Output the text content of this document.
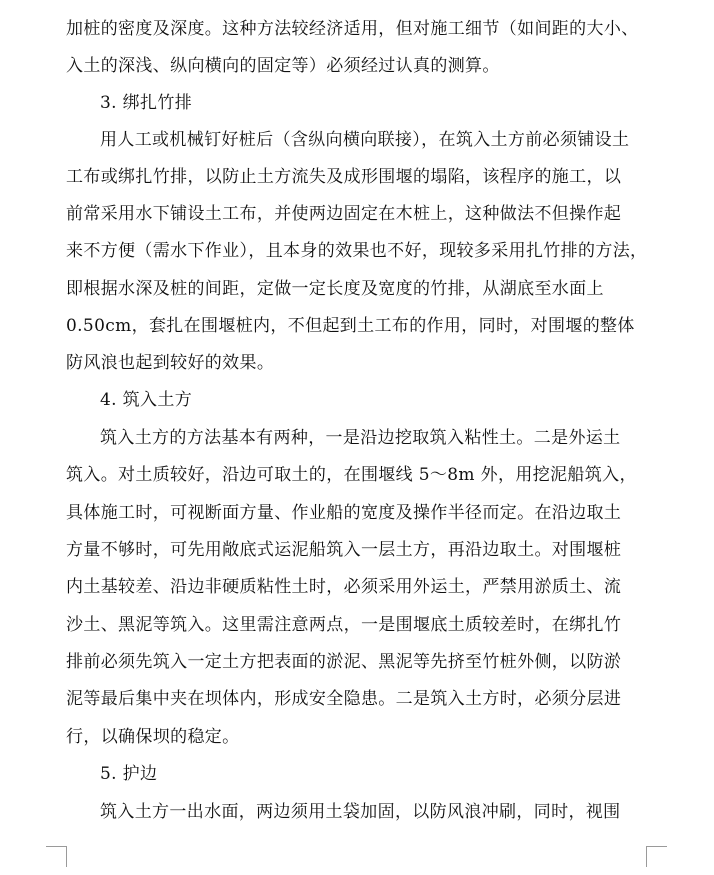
加桩的密度及深度。这种方法较经济适用，但对施工细节（如间距的大小、
入土的深浅、纵向横向的固定等）必须经过认真的测算。
3. 绑扎竹排
用人工或机械钉好桩后（含纵向横向联接），在筑入土方前必须铺设土
工布或绑扎竹排，以防止土方流失及成形围堰的塌陷，该程序的施工，以
前常采用水下铺设土工布，并使两边固定在木桩上，这种做法不但操作起
来不方便（需水下作业），且本身的效果也不好，现较多采用扎竹排的方法，
即根据水深及桩的间距，定做一定长度及宽度的竹排，从湖底至水面上
0.50cm，套扎在围堰桩内，不但起到土工布的作用，同时，对围堰的整体
防风浪也起到较好的效果。
4. 筑入土方
筑入土方的方法基本有两种，一是沿边挖取筑入粘性土。二是外运土
筑入。对土质较好，沿边可取土的，在围堰线 5～8m 外，用挖泥船筑入，
具体施工时，可视断面方量、作业船的宽度及操作半径而定。在沿边取土
方量不够时，可先用敞底式运泥船筑入一层土方，再沿边取土。对围堰桩
内土基较差、沿边非硬质粘性土时，必须采用外运土，严禁用淤质土、流
沙土、黑泥等筑入。这里需注意两点，一是围堰底土质较差时，在绑扎竹
排前必须先筑入一定土方把表面的淤泥、黑泥等先挤至竹桩外侧，以防淤
泥等最后集中夹在坝体内，形成安全隐患。二是筑入土方时，必须分层进
行，以确保坝的稳定。
5. 护边
筑入土方一出水面，两边须用土袋加固，以防风浪冲刷，同时，视围
